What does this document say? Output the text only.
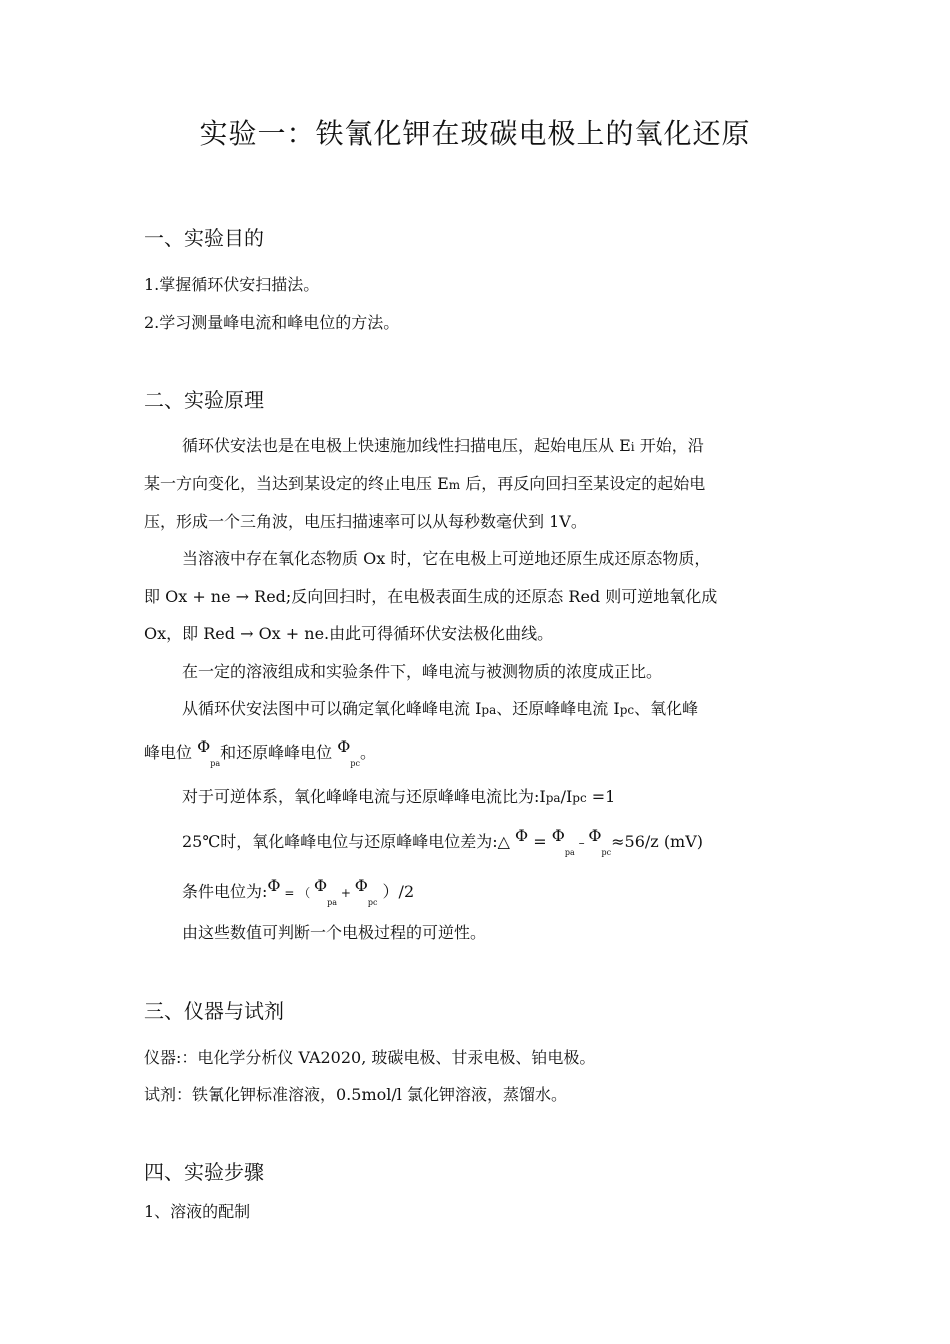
实验一：铁氰化钾在玻碳电极上的氧化还原
一、实验目的
1.掌握循环伏安扫描法。
2.学习测量峰电流和峰电位的方法。
二、实验原理
循环伏安法也是在电极上快速施加线性扫描电压，起始电压从 Ei 开始，沿
某一方向变化，当达到某设定的终止电压 Em 后，再反向回扫至某设定的起始电
压，形成一个三角波，电压扫描速率可以从每秒数毫伏到 1V。
当溶液中存在氧化态物质 Ox 时，它在电极上可逆地还原生成还原态物质，
即 Ox + ne → Red;反向回扫时，在电极表面生成的还原态 Red 则可逆地氧化成
Ox，即 Red → Ox + ne.由此可得循环伏安法极化曲线。
在一定的溶液组成和实验条件下，峰电流与被测物质的浓度成正比。
从循环伏安法图中可以确定氧化峰峰电流 Ipa、还原峰峰电流 Ipc、氧化峰
峰电位 $\Phi_{pa}$和还原峰峰电位 $\Phi_{pc}$。
对于可逆体系，氧化峰峰电流与还原峰峰电流比为:Ipa/Ipc =1
25℃时，氧化峰峰电位与还原峰峰电位差为:△ $\Phi = \Phi_{pa} - \Phi_{pc}\approx 56/z$ (mV)
条件电位为:Φ = （ $\Phi_{pa} + \Phi_{pc}$ ）/2
由这些数值可判断一个电极过程的可逆性。
三、仪器与试剂
仪器:：电化学分析仪 VA2020, 玻碳电极、甘汞电极、铂电极。
试剂：铁氰化钾标准溶液，0.5mol/l 氯化钾溶液，蒸馏水。
四、实验步骤
1、溶液的配制
